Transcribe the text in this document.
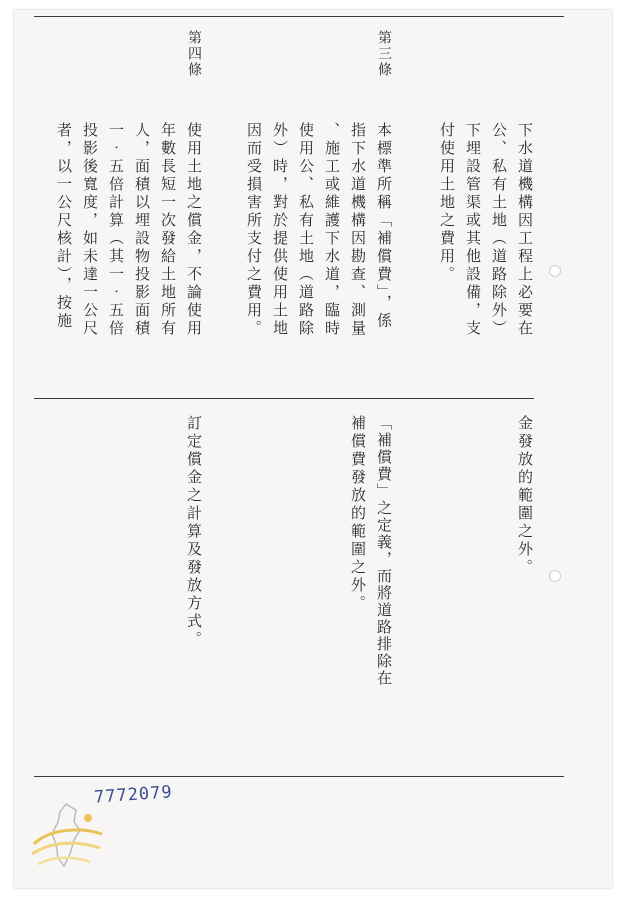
下水道機構因工程上必要在
公、私有土地（道路除外）
下埋設管渠或其他設備，支
付使用土地之費用。
金發放的範圍之外。
第三條
本標準所稱「補償費」，係
指下水道機構因勘查、測量
、施工或維護下水道，臨時
使用公、私有土地（道路除
外）時，對於提供使用土地
因而受損害所支付之費用。
「補償費」之定義，而將道路排除在
補償費發放的範圍之外。
第四條
使用土地之償金，不論使用
年數長短一次發給土地所有
人，面積以埋設物投影面積
一‧五倍計算（其一‧五倍
投影後寬度，如未達一公尺
者，以一公尺核計），按施
訂定償金之計算及發放方式。
7772079
